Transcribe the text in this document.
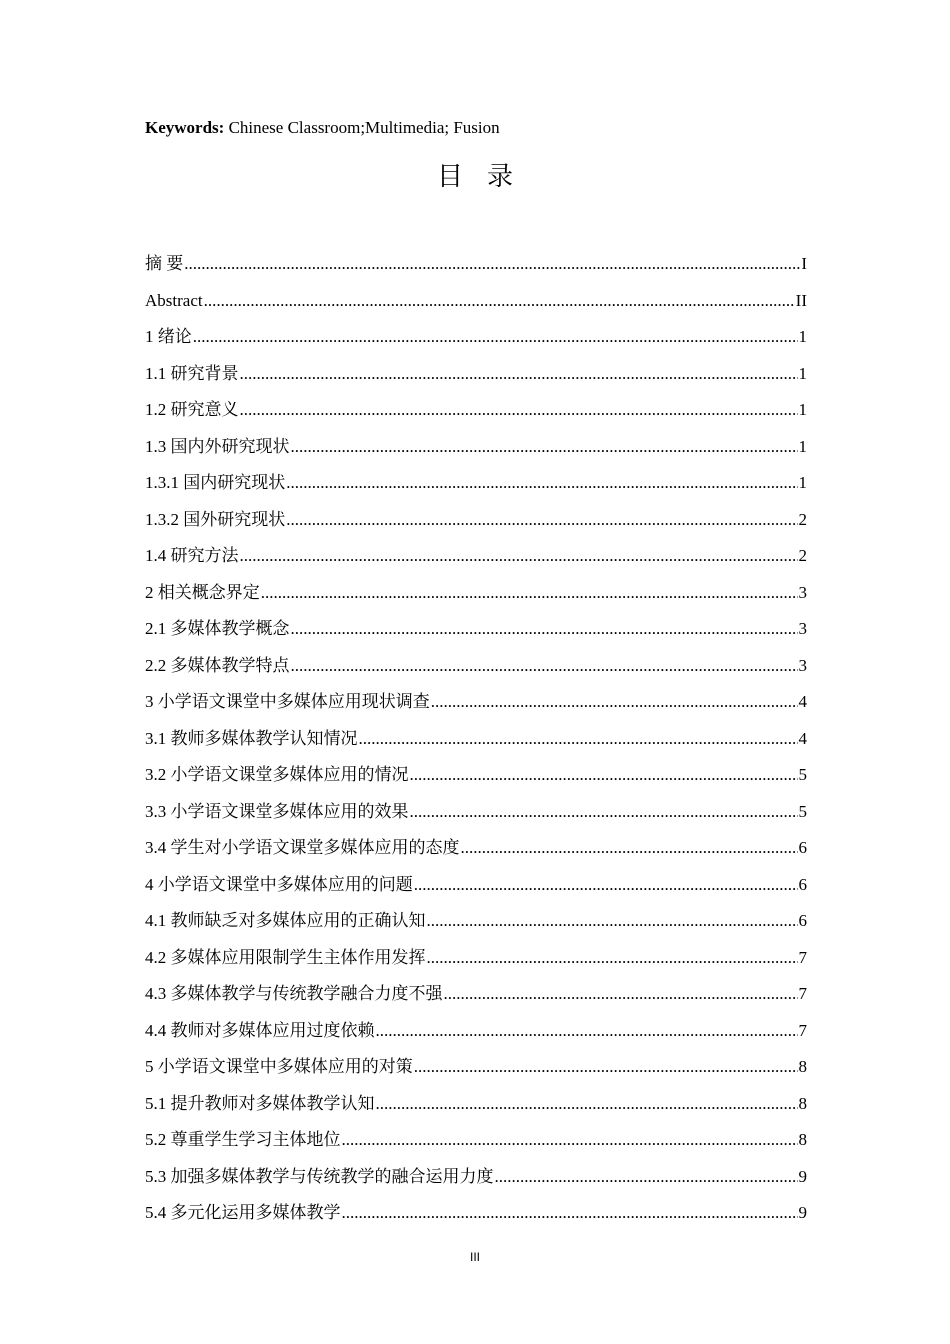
Keywords: Chinese Classroom;Multimedia; Fusion
目录
摘 要 .....	I
Abstract .....	II
1 绪论 .....	1
1.1 研究背景 .....	1
1.2 研究意义 .....	1
1.3 国内外研究现状 .....	1
1.3.1 国内研究现状 .....	1
1.3.2 国外研究现状 .....	2
1.4 研究方法 .....	2
2 相关概念界定 .....	3
2.1 多媒体教学概念 .....	3
2.2 多媒体教学特点 .....	3
3 小学语文课堂中多媒体应用现状调查 .....	4
3.1 教师多媒体教学认知情况 .....	4
3.2 小学语文课堂多媒体应用的情况 .....	5
3.3 小学语文课堂多媒体应用的效果 .....	5
3.4 学生对小学语文课堂多媒体应用的态度 .....	6
4 小学语文课堂中多媒体应用的问题 .....	6
4.1 教师缺乏对多媒体应用的正确认知 .....	6
4.2 多媒体应用限制学生主体作用发挥 .....	7
4.3 多媒体教学与传统教学融合力度不强 .....	7
4.4 教师对多媒体应用过度依赖 .....	7
5 小学语文课堂中多媒体应用的对策 .....	8
5.1 提升教师对多媒体教学认知 .....	8
5.2 尊重学生学习主体地位 .....	8
5.3 加强多媒体教学与传统教学的融合运用力度 .....	9
5.4 多元化运用多媒体教学 .....	9
III
